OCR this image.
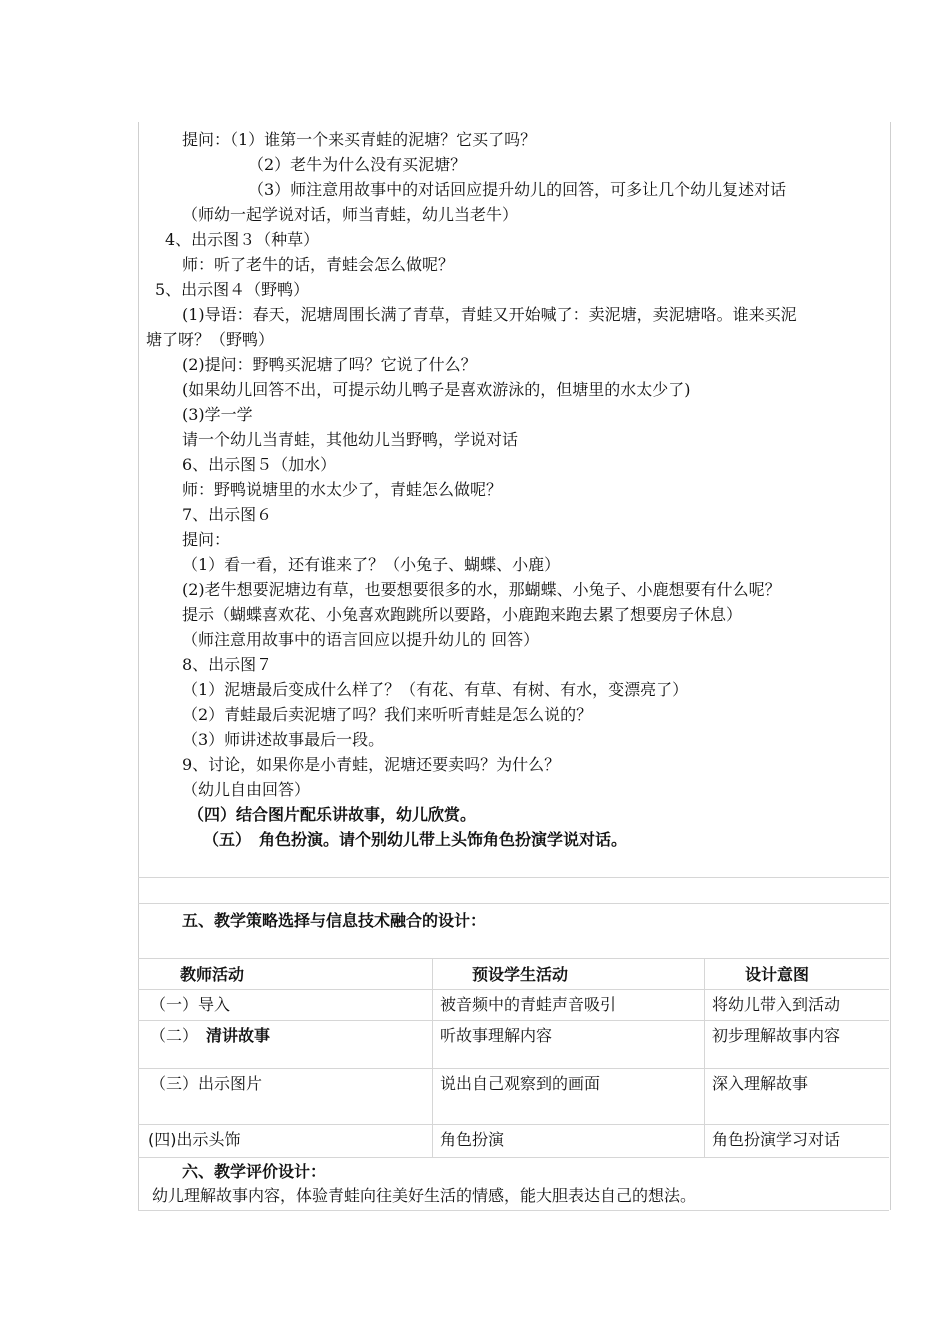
提问：（1）谁第一个来买青蛙的泥塘？它买了吗？
（2）老牛为什么没有买泥塘？
（3）师注意用故事中的对话回应提升幼儿的回答，可多让几个幼儿复述对话
（师幼一起学说对话，师当青蛙，幼儿当老牛）
4、出示图３（种草）
师：听了老牛的话，青蛙会怎么做呢？
5、出示图４（野鸭）
(1)导语：春天，泥塘周围长满了青草，青蛙又开始喊了：卖泥塘，卖泥塘咯。谁来买泥
塘了呀？（野鸭）
(2)提问：野鸭买泥塘了吗？它说了什么？
(如果幼儿回答不出，可提示幼儿鸭子是喜欢游泳的，但塘里的水太少了)
(3)学一学
请一个幼儿当青蛙，其他幼儿当野鸭，学说对话
6、出示图５（加水）
师：野鸭说塘里的水太少了，青蛙怎么做呢？
7、出示图６
提问：
（1）看一看，还有谁来了？（小兔子、蝴蝶、小鹿）
(2)老牛想要泥塘边有草，也要想要很多的水，那蝴蝶、小兔子、小鹿想要有什么呢？
提示（蝴蝶喜欢花、小兔喜欢跑跳所以要路，小鹿跑来跑去累了想要房子休息）
（师注意用故事中的语言回应以提升幼儿的 回答）
8、出示图７
（1）泥塘最后变成什么样了？（有花、有草、有树、有水，变漂亮了）
（2）青蛙最后卖泥塘了吗？我们来听听青蛙是怎么说的？
（3）师讲述故事最后一段。
9、讨论，如果你是小青蛙，泥塘还要卖吗？为什么？
（幼儿自由回答）
（四）结合图片配乐讲故事，幼儿欣赏。
（五）　角色扮演。请个别幼儿带上头饰角色扮演学说对话。
五、教学策略选择与信息技术融合的设计：
教师活动	预设学生活动	设计意图
（一）导入	被音频中的青蛙声音吸引	将幼儿带入到活动
（二）　清讲故事	听故事理解内容	初步理解故事内容
（三）出示图片	说出自己观察到的画面	深入理解故事
(四)出示头饰	角色扮演	角色扮演学习对话
六、教学评价设计：
幼儿理解故事内容，体验青蛙向往美好生活的情感，能大胆表达自己的想法。
